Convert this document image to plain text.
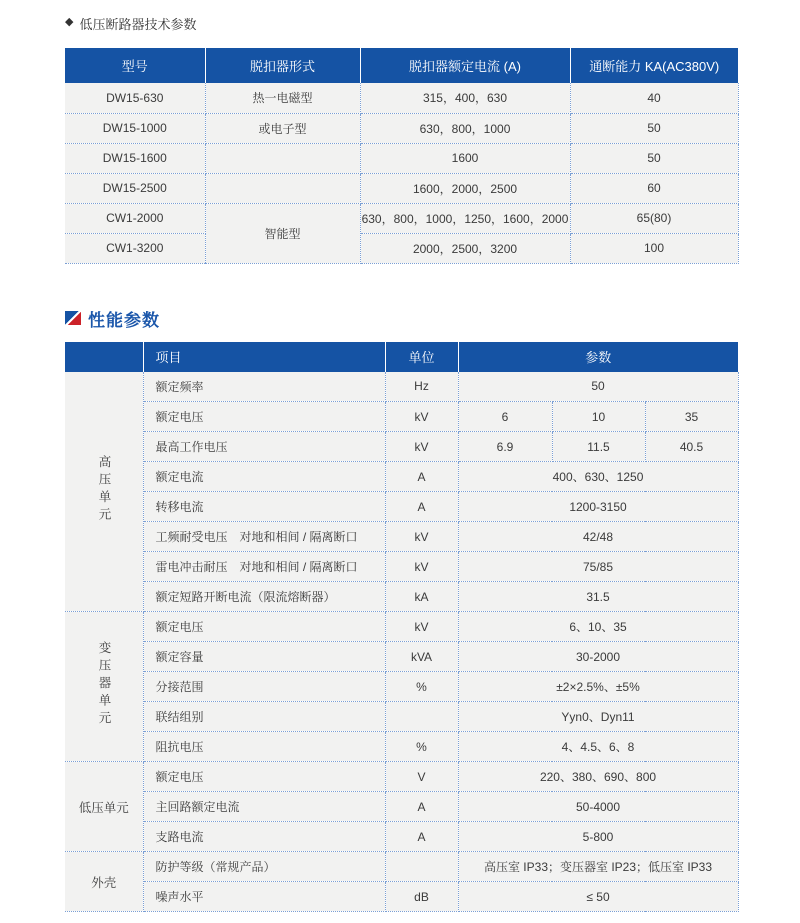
◆ 低压断路器技术参数
型号	脱扣器形式	脱扣器额定电流 (A)	通断能力 KA(AC380V)
DW15-630	热一电磁型	315，400，630	40
DW15-1000	或电子型	630，800，1000	50
DW15-1600		1600	50
DW15-2500		1600，2000，2500	60
CW1-2000	智能型	630，800，1000，1250，1600，2000	65(80)
CW1-3200		2000，2500，3200	100
性能参数
	项目	单位	参数		
高压单元	额定频率	Hz	50		
	额定电压	kV	6	10	35
	最高工作电压	kV	6.9	11.5	40.5
	额定电流	A	400、630、1250		
	转移电流	A	1200-3150		
	工频耐受电压　对地和相间 / 隔离断口	kV	42/48		
	雷电冲击耐压　对地和相间 / 隔离断口	kV	75/85		
	额定短路开断电流（限流熔断器）	kA	31.5		
变压器单元	额定电压	kV	6、10、35		
	额定容量	kVA	30-2000		
	分接范围	%	±2×2.5%、±5%		
	联结组别		Yyn0、Dyn11		
	阻抗电压	%	4、4.5、6、8		
低压单元	额定电压	V	220、380、690、800		
	主回路额定电流	A	50-4000		
	支路电流	A	5-800		
外壳	防护等级（常规产品）		高压室 IP33；变压器室 IP23；低压室 IP33		
	噪声水平	dB	≤ 50		
